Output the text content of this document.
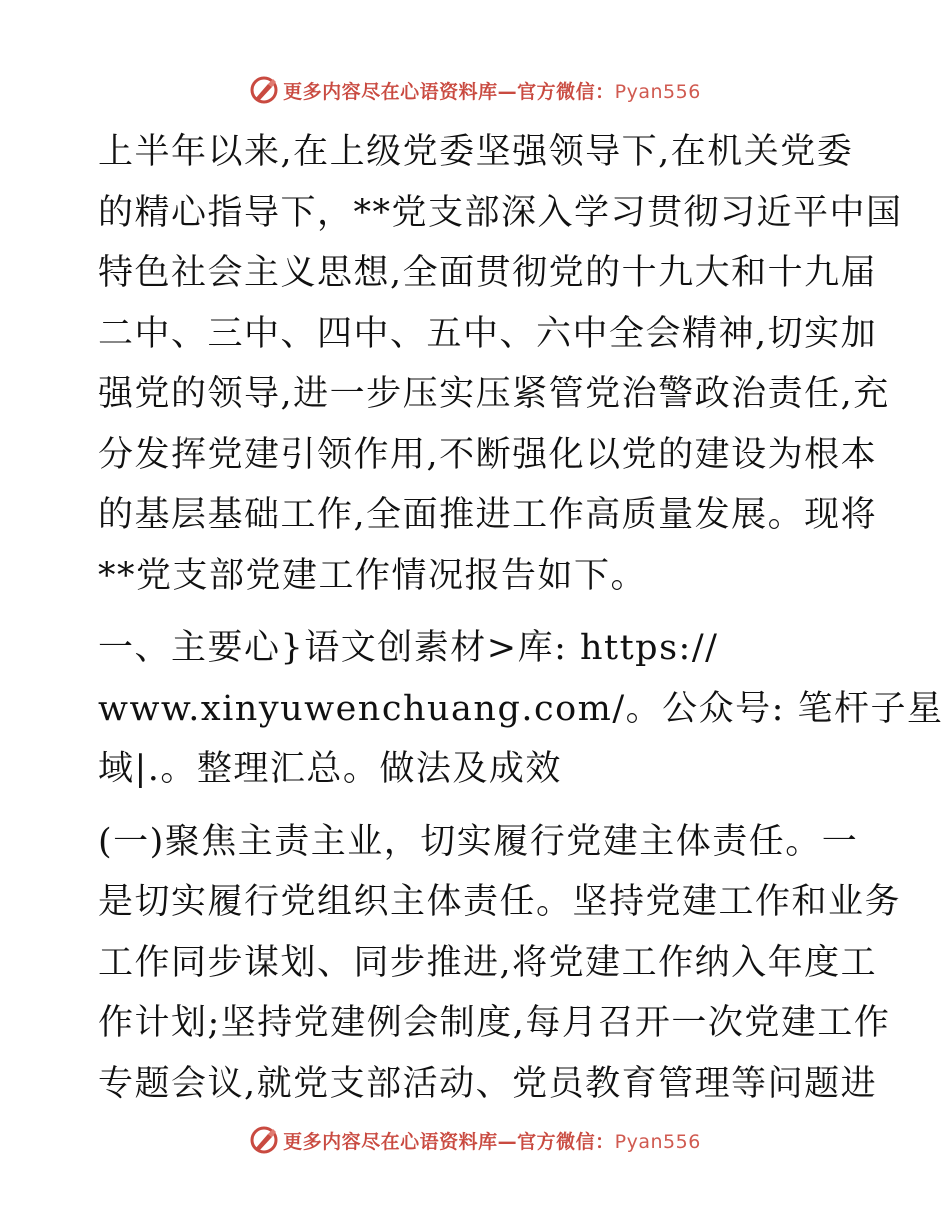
更多内容尽在心语资料库—官方微信：Pyan556

上半年以来,在上级党委坚强领导下,在机关党委
的精心指导下，**党支部深入学习贯彻习近平中国
特色社会主义思想,全面贯彻党的十九大和十九届
二中、三中、四中、五中、六中全会精神,切实加
强党的领导,进一步压实压紧管党治警政治责任,充
分发挥党建引领作用,不断强化以党的建设为根本
的基层基础工作,全面推进工作高质量发展。现将
**党支部党建工作情况报告如下。

一、主要心}语文创素材>库: https://
www.xinyuwenchuang.com/。公众号: 笔杆子星
域|.。整理汇总。做法及成效

(一)聚焦主责主业，切实履行党建主体责任。一
是切实履行党组织主体责任。坚持党建工作和业务
工作同步谋划、同步推进,将党建工作纳入年度工
作计划;坚持党建例会制度,每月召开一次党建工作
专题会议,就党支部活动、党员教育管理等问题进

更多内容尽在心语资料库—官方微信：Pyan556
